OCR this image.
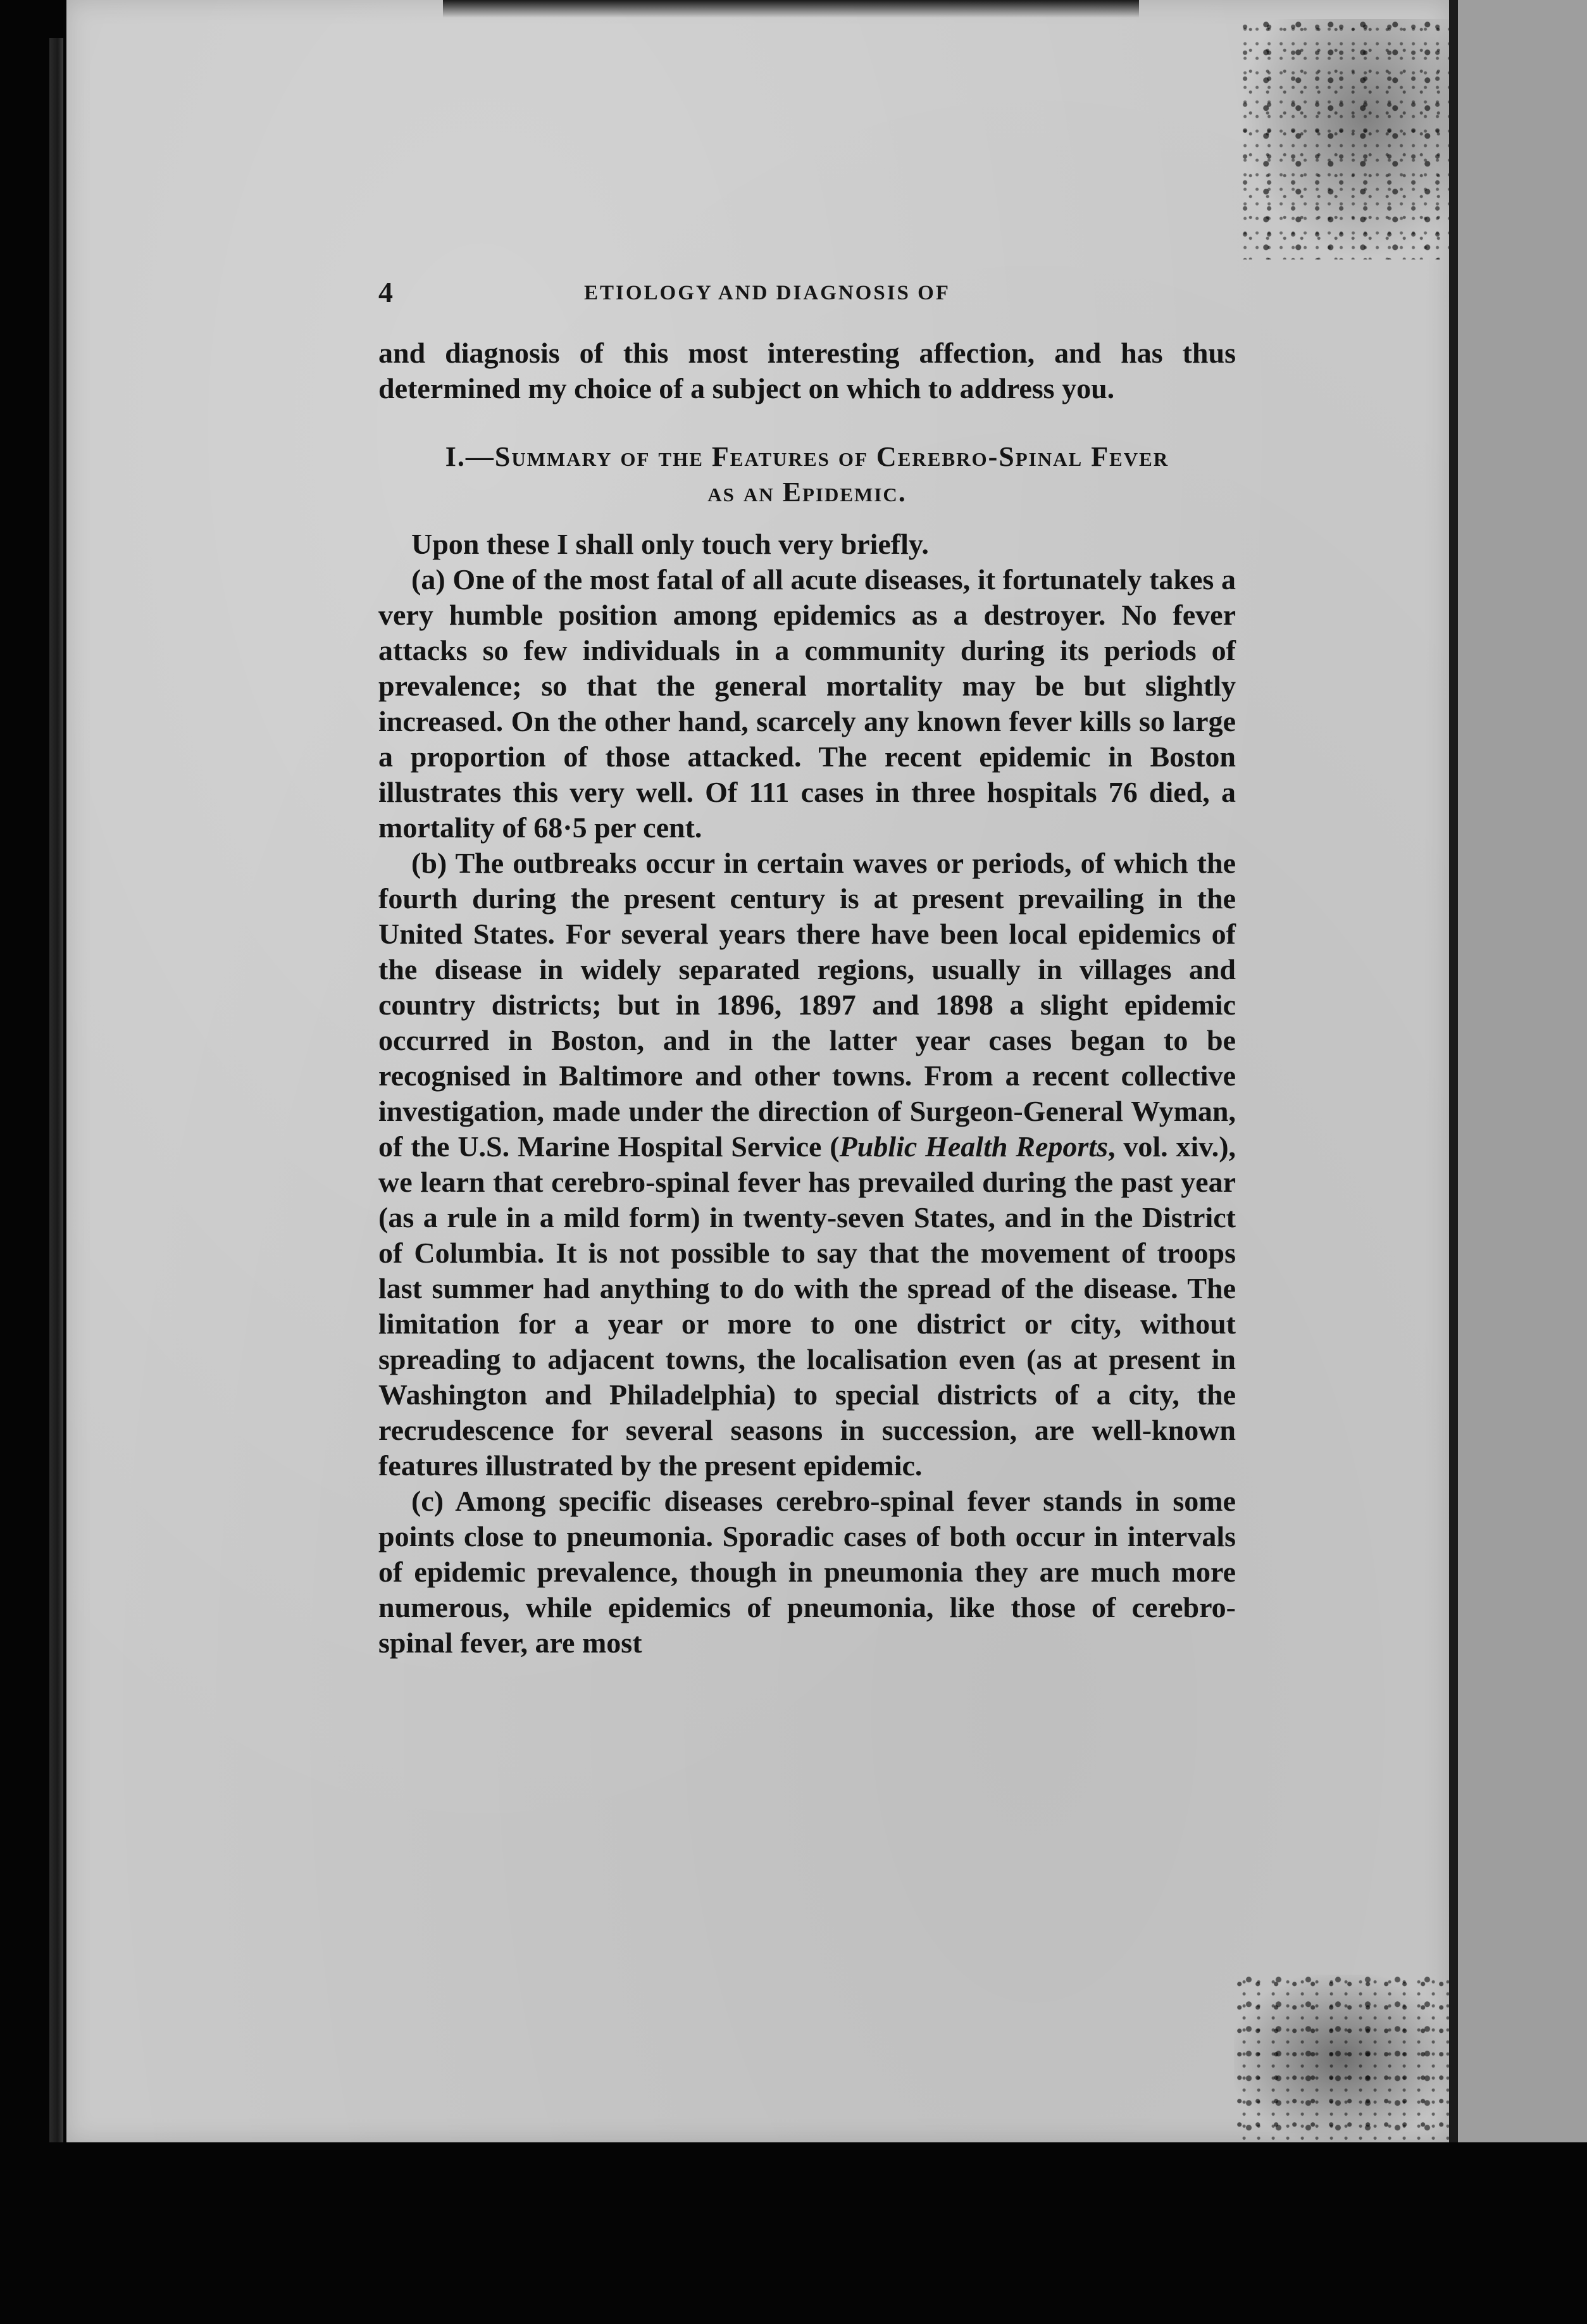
4	ETIOLOGY AND DIAGNOSIS OF

and diagnosis of this most interesting affection, and has thus determined my choice of a subject on which to address you.

I.—Summary of the Features of Cerebro-Spinal Fever
as an Epidemic.

Upon these I shall only touch very briefly.

(a) One of the most fatal of all acute diseases, it fortunately takes a very humble position among epidemics as a destroyer. No fever attacks so few individuals in a community during its periods of prevalence; so that the general mortality may be but slightly increased. On the other hand, scarcely any known fever kills so large a proportion of those attacked. The recent epidemic in Boston illustrates this very well. Of 111 cases in three hospitals 76 died, a mortality of 68·5 per cent.

(b) The outbreaks occur in certain waves or periods, of which the fourth during the present century is at present prevailing in the United States. For several years there have been local epidemics of the disease in widely separated regions, usually in villages and country districts; but in 1896, 1897 and 1898 a slight epidemic occurred in Boston, and in the latter year cases began to be recognised in Baltimore and other towns. From a recent collective investigation, made under the direction of Surgeon-General Wyman, of the U.S. Marine Hospital Service (Public Health Reports, vol. xiv.), we learn that cerebro-spinal fever has prevailed during the past year (as a rule in a mild form) in twenty-seven States, and in the District of Columbia. It is not possible to say that the movement of troops last summer had anything to do with the spread of the disease. The limitation for a year or more to one district or city, without spreading to adjacent towns, the localisation even (as at present in Washington and Philadelphia) to special districts of a city, the recrudescence for several seasons in succession, are well-known features illustrated by the present epidemic.

(c) Among specific diseases cerebro-spinal fever stands in some points close to pneumonia. Sporadic cases of both occur in intervals of epidemic prevalence, though in pneumonia they are much more numerous, while epidemics of pneumonia, like those of cerebro-spinal fever, are most
